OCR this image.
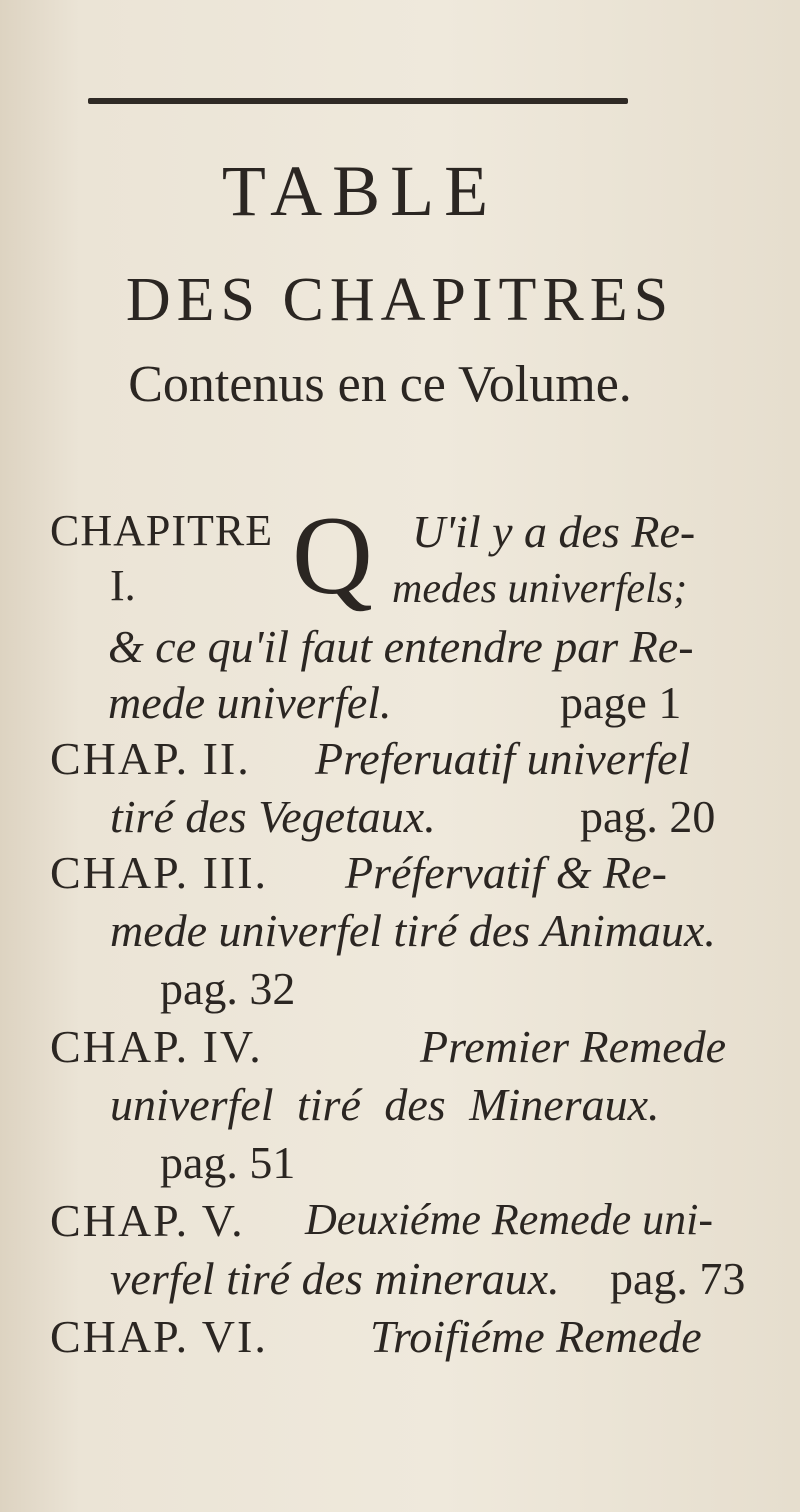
TABLE
DES CHAPITRES
Contenus en ce Volume.
CHAPITRE Q U'il y a des Re-
I.	medes univerfels;
& ce qu'il faut entendre par Re-
mede univerfel.	page 1
CHAP. II. Preferuatif univerfel
tiré des Vegetaux.	pag. 20
CHAP. III. Préfervatif & Re-
mede univerfel tiré des Animaux.
pag. 32
CHAP. IV.	Premier Remede
univerfel tiré des Mineraux.
pag. 51
CHAP. V. Deuxiéme Remede uni-
verfel tiré des mineraux. pag. 73
CHAP. VI. Troifiéme Remede
